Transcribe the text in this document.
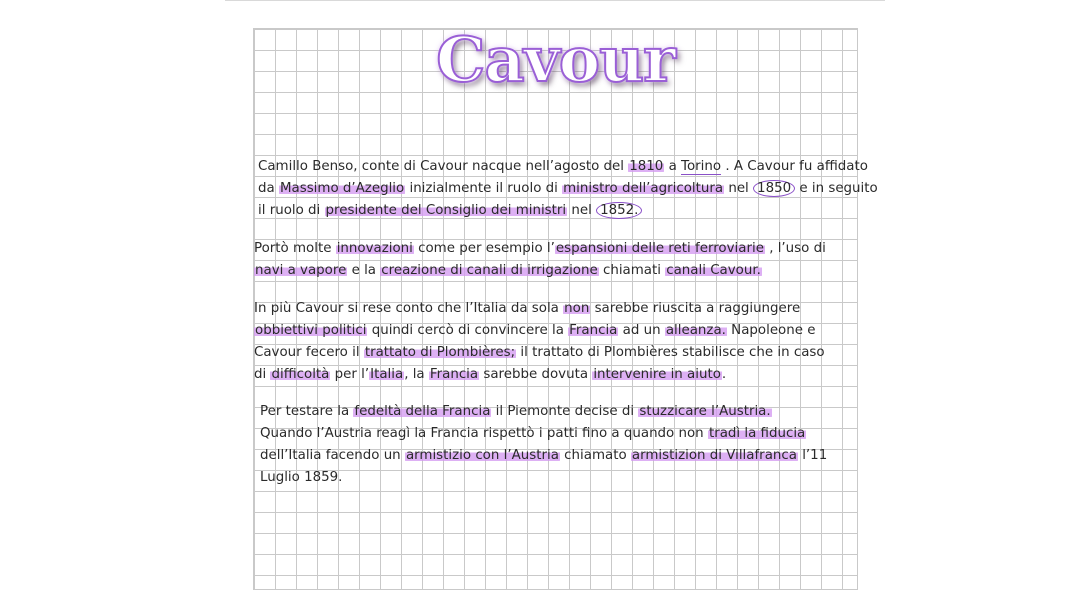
Cavour
Camillo Benso, conte di Cavour nacque nell’agosto del 1810 a Torino . A Cavour fu affidato
da Massimo d’Azeglio inizialmente il ruolo di ministro dell’agricoltura nel 1850 e in seguito
il ruolo di presidente del Consiglio dei ministri nel 1852.
Portò molte innovazioni come per esempio l’espansioni delle reti ferroviarie , l’uso di
navi a vapore e la creazione di canali di irrigazione chiamati canali Cavour.
In più Cavour si rese conto che l’Italia da sola non sarebbe riuscita a raggiungere
obbiettivi politici quindi cercò di convincere la Francia ad un alleanza. Napoleone e
Cavour fecero il trattato di Plombières; il trattato di Plombières stabilisce che in caso
di difficoltà per l’Italia, la Francia sarebbe dovuta intervenire in aiuto.
Per testare la fedeltà della Francia il Piemonte decise di stuzzicare l’Austria.
Quando l’Austria reagì la Francia rispettò i patti fino a quando non tradì la fiducia
dell’Italia facendo un armistizio con l’Austria chiamato armistizion di Villafranca l’11
Luglio 1859.
